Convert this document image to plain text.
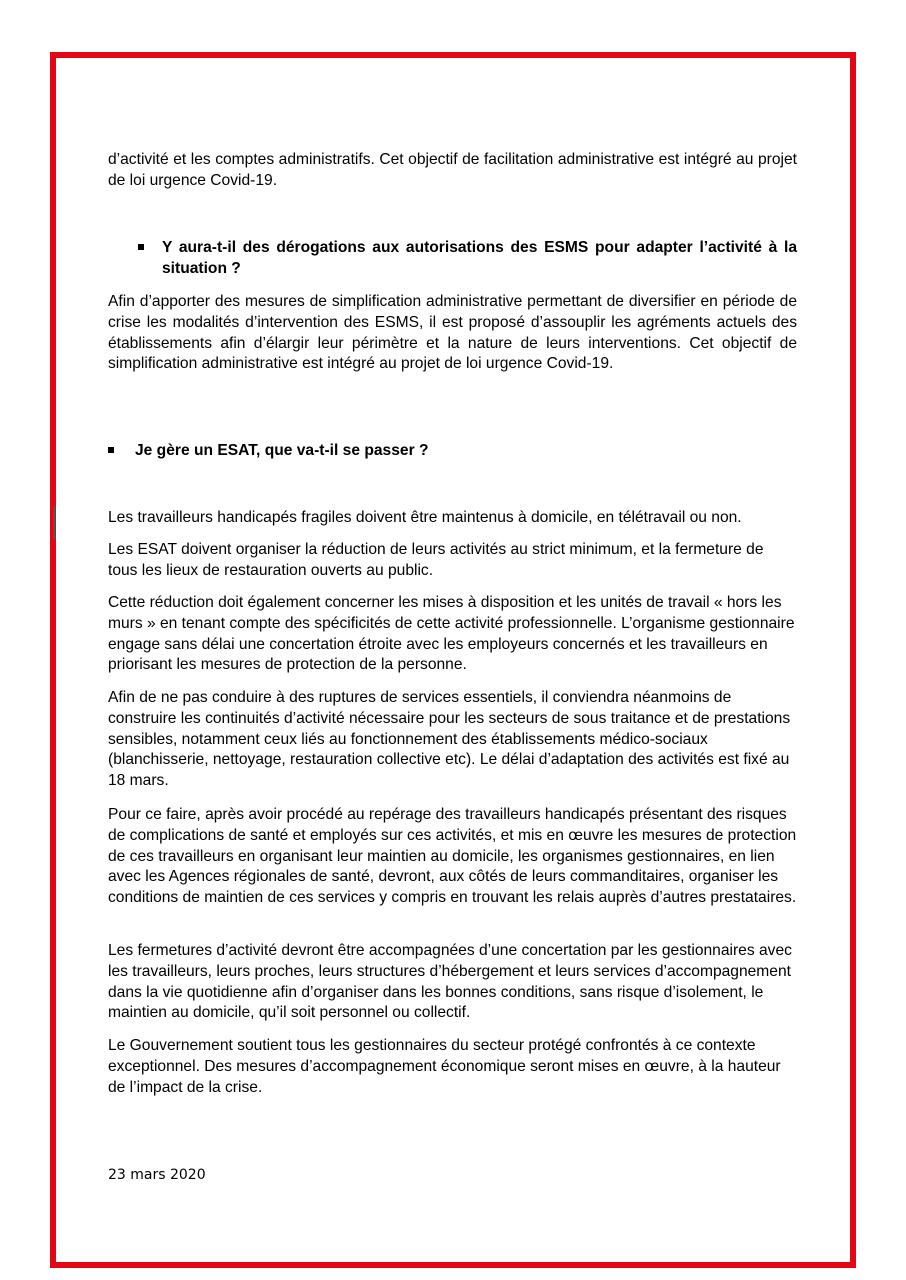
d’activité et les comptes administratifs. Cet objectif de facilitation administrative est intégré au projet de loi urgence Covid-19.
Y aura-t-il des dérogations aux autorisations des ESMS pour adapter l’activité à la situation ?
Afin d’apporter des mesures de simplification administrative permettant de diversifier en période de crise les modalités d’intervention des ESMS, il est proposé d’assouplir les agréments actuels des établissements afin d’élargir leur périmètre et la nature de leurs interventions. Cet objectif de simplification administrative est intégré au projet de loi urgence Covid-19.
Je gère un ESAT, que va-t-il se passer ?
Les travailleurs handicapés fragiles doivent être maintenus à domicile, en télétravail ou non.
Les ESAT doivent organiser la réduction de leurs activités au strict minimum, et la fermeture de tous les lieux de restauration ouverts au public.
Cette réduction doit également concerner les mises à disposition et les unités de travail « hors les murs » en tenant compte des spécificités de cette activité professionnelle. L’organisme gestionnaire engage sans délai une concertation étroite avec les employeurs concernés et les travailleurs en priorisant les mesures de protection de la personne.
Afin de ne pas conduire à des ruptures de services essentiels, il conviendra néanmoins de construire les continuités d’activité nécessaire pour les secteurs de sous traitance et de prestations sensibles, notamment ceux liés au fonctionnement des établissements médico-sociaux (blanchisserie, nettoyage, restauration collective etc). Le délai d’adaptation des activités est fixé au 18 mars.
Pour ce faire, après avoir procédé au repérage des travailleurs handicapés présentant des risques de complications de santé et employés sur ces activités, et mis en œuvre les mesures de protection de ces travailleurs en organisant leur maintien au domicile, les organismes gestionnaires, en lien avec les Agences régionales de santé, devront, aux côtés de leurs commanditaires, organiser les conditions de maintien de ces services y compris en trouvant les relais auprès d’autres prestataires.
Les fermetures d’activité devront être accompagnées d’une concertation par les gestionnaires avec les travailleurs, leurs proches, leurs structures d’hébergement et leurs services d’accompagnement dans la vie quotidienne afin d’organiser dans les bonnes conditions, sans risque d’isolement, le maintien au domicile, qu’il soit personnel ou collectif.
Le Gouvernement soutient tous les gestionnaires du secteur protégé confrontés à ce contexte exceptionnel. Des mesures d’accompagnement économique seront mises en œuvre, à la hauteur de l’impact de la crise.
23 mars 2020
